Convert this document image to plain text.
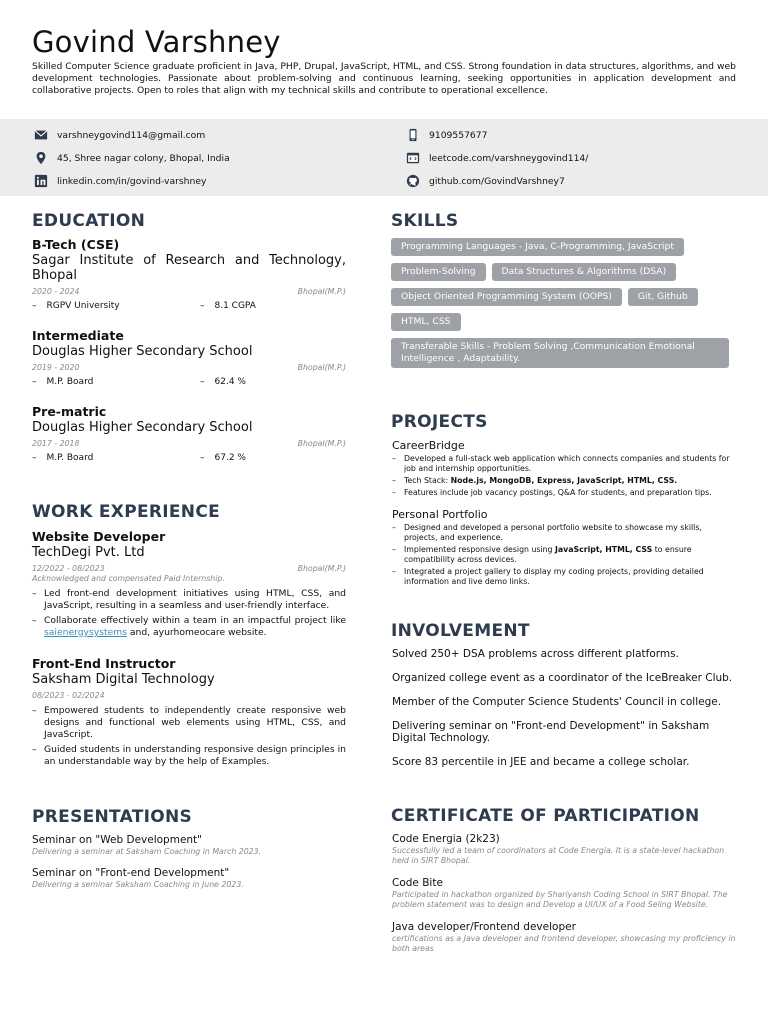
Govind Varshney

Skilled Computer Science graduate proficient in Java, PHP, Drupal, JavaScript, HTML, and CSS. Strong foundation in data structures, algorithms, and web development technologies. Passionate about problem-solving and continuous learning, seeking opportunities in application development and collaborative projects. Open to roles that align with my technical skills and contribute to operational excellence.

varshneygovind114@gmail.com
45, Shree nagar colony, Bhopal, India
linkedin.com/in/govind-varshney
9109557677
leetcode.com/varshneygovind114/
github.com/GovindVarshney7
EDUCATION
B-Tech (CSE)
Sagar Institute of Research and Technology, Bhopal
2020 - 2024	Bhopal(M.P.)
– RGPV University	– 8.1 CGPA
Intermediate
Douglas Higher Secondary School
2019 - 2020	Bhopal(M.P.)
– M.P. Board	– 62.4 %
Pre-matric
Douglas Higher Secondary School
2017 - 2018	Bhopal(M.P.)
– M.P. Board	– 67.2 %
WORK EXPERIENCE
Website Developer
TechDegi Pvt. Ltd
12/2022 - 08/2023	Bhopal(M.P.)
Acknowledged and compensated Paid Internship.
– Led front-end development initiatives using HTML, CSS, and JavaScript, resulting in a seamless and user-friendly interface.
– Collaborate effectively within a team in an impactful project like saienergysystems and, ayurhomeocare website.
Front-End Instructor
Saksham Digital Technology
08/2023 - 02/2024
– Empowered students to independently create responsive web designs and functional web elements using HTML, CSS, and JavaScript.
– Guided students in understanding responsive design principles in an understandable way by the help of Examples.
PRESENTATIONS
Seminar on "Web Development"
Delivering a seminar at Saksham Coaching in March 2023.
Seminar on "Front-end Development"
Delivering a seminar Saksham Coaching in June 2023.
SKILLS
Programming Languages - Java, C-Programming, JavaScript
Problem-Solving	Data Structures & Algorithms (DSA)
Object Oriented Programming System (OOPS)	Git, Github
HTML, CSS
Transferable Skills - Problem Solving ,Communication Emotional Intelligence , Adaptability.
PROJECTS
CareerBridge
– Developed a full-stack web application which connects companies and students for job and internship opportunities.
– Tech Stack: Node.js, MongoDB, Express, JavaScript, HTML, CSS.
– Features include job vacancy postings, Q&A for students, and preparation tips.
Personal Portfolio
– Designed and developed a personal portfolio website to showcase my skills, projects, and experience.
– Implemented responsive design using JavaScript, HTML, CSS to ensure compatibility across devices.
– Integrated a project gallery to display my coding projects, providing detailed information and live demo links.
INVOLVEMENT

Solved 250+ DSA problems across different platforms.

Organized college event as a coordinator of the IceBreaker Club.

Member of the Computer Science Students' Council in college.

Delivering seminar on "Front-end Development" in Saksham Digital Technology.

Score 83 percentile in JEE and became a college scholar.

CERTIFICATE OF PARTICIPATION
Code Energia (2k23)
Successfully led a team of coordinators at Code Energia. It is a state-level hackathon held in SIRT Bhopal.
Code Bite
Participated in hackathon organized by Shariyansh Coding School in SIRT Bhopal. The problem statement was to design and Develop a UI/UX of a Food Seling Website.
Java developer/Frontend developer
certifications as a Java developer and frontend developer, showcasing my proficiency in both areas
